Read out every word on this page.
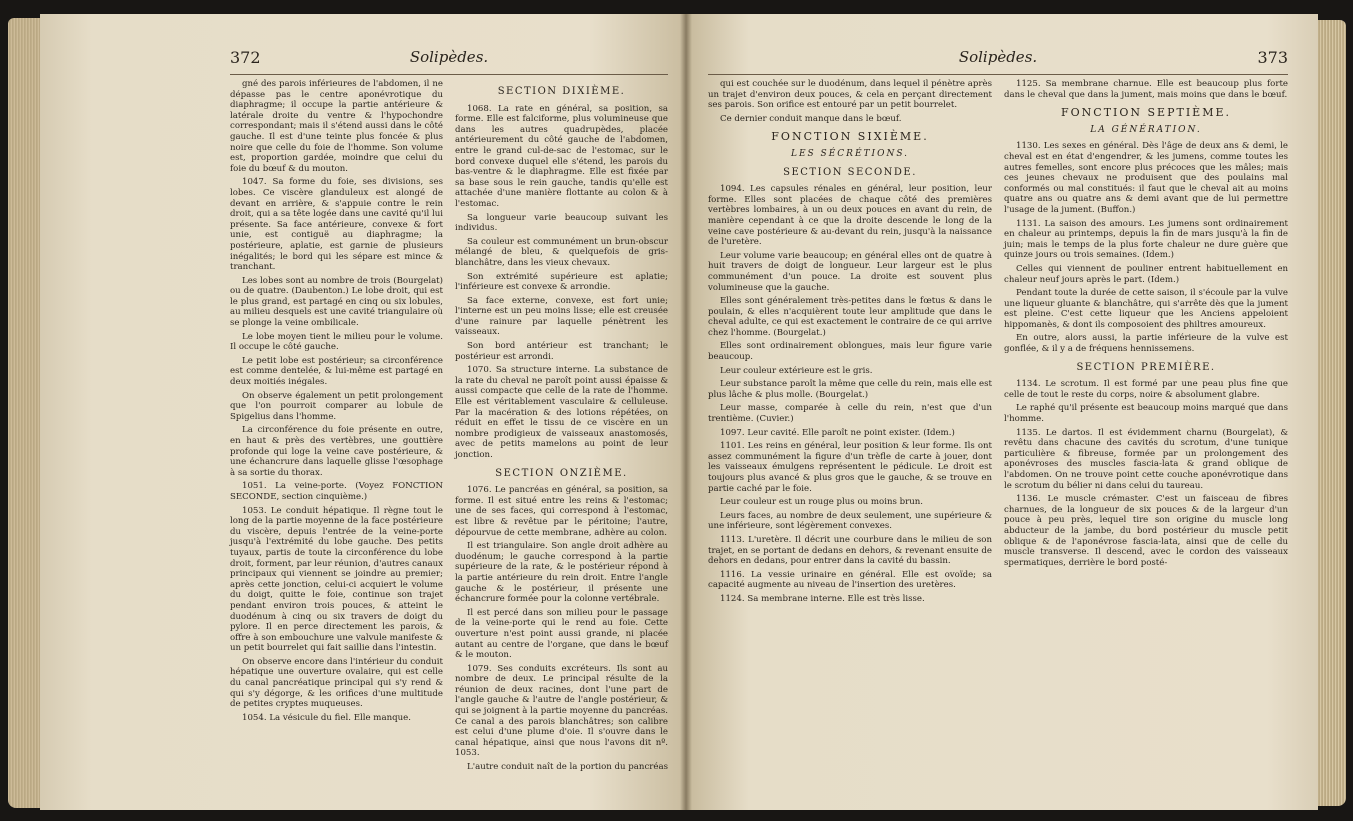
372	Solipèdes.

gné des parois inférieures de l'abdomen, il ne dépasse pas le centre aponévrotique du diaphragme; il occupe la partie antérieure & latérale droite du ventre & l'hypochondre correspondant; mais il s'étend aussi dans le côté gauche. Il est d'une teinte plus foncée & plus noire que celle du foie de l'homme. Son volume est, proportion gardée, moindre que celui du foie du bœuf & du mouton.

1047. Sa forme du foie, ses divisions, ses lobes. Ce viscère glanduleux est alongé de devant en arrière, & s'appuie contre le rein droit, qui a sa tête logée dans une cavité qu'il lui présente. Sa face antérieure, convexe & fort unie, est contiguë au diaphragme; la postérieure, aplatie, est garnie de plusieurs inégalités; le bord qui les sépare est mince & tranchant.

Les lobes sont au nombre de trois (Bourgelat) ou de quatre. (Daubenton.) Le lobe droit, qui est le plus grand, est partagé en cinq ou six lobules, au milieu desquels est une cavité triangulaire où se plonge la veine ombilicale.

Le lobe moyen tient le milieu pour le volume. Il occupe le côté gauche.

Le petit lobe est postérieur; sa circonférence est comme dentelée, & lui-même est partagé en deux moitiés inégales.

On observe également un petit prolongement que l'on pourroit comparer au lobule de Spigelius dans l'homme.

La circonférence du foie présente en outre, en haut & près des vertèbres, une gouttière profonde qui loge la veine cave postérieure, & une échancrure dans laquelle glisse l'œsophage à sa sortie du thorax.

1051. La veine-porte. (Voyez FONCTION SECONDE, section cinquième.)

1053. Le conduit hépatique. Il règne tout le long de la partie moyenne de la face postérieure du viscère, depuis l'entrée de la veine-porte jusqu'à l'extrémité du lobe gauche. Des petits tuyaux, partis de toute la circonférence du lobe droit, forment, par leur réunion, d'autres canaux principaux qui viennent se joindre au premier; après cette jonction, celui-ci acquiert le volume du doigt, quitte le foie, continue son trajet pendant environ trois pouces, & atteint le duodénum à cinq ou six travers de doigt du pylore. Il en perce directement les parois, & offre à son embouchure une valvule manifeste & un petit bourrelet qui fait saillie dans l'intestin.

On observe encore dans l'intérieur du conduit hépatique une ouverture ovalaire, qui est celle du canal pancréatique principal qui s'y rend & qui s'y dégorge, & les orifices d'une multitude de petites cryptes muqueuses.

1054. La vésicule du fiel. Elle manque.

SECTION DIXIÈME.

1068. La rate en général, sa position, sa forme. Elle est falciforme, plus volumineuse que dans les autres quadrupèdes, placée antérieurement du côté gauche de l'abdomen, entre le grand cul-de-sac de l'estomac, sur le bord convexe duquel elle s'étend, les parois du bas-ventre & le diaphragme. Elle est fixée par sa base sous le rein gauche, tandis qu'elle est attachée d'une manière flottante au colon & à l'estomac.

Sa longueur varie beaucoup suivant les individus.

Sa couleur est communément un brun-obscur mélangé de bleu, & quelquefois de gris-blanchâtre, dans les vieux chevaux.

Son extrémité supérieure est aplatie; l'inférieure est convexe & arrondie.

Sa face externe, convexe, est fort unie; l'interne est un peu moins lisse; elle est creusée d'une rainure par laquelle pénètrent les vaisseaux.

Son bord antérieur est tranchant; le postérieur est arrondi.

1070. Sa structure interne. La substance de la rate du cheval ne paroît point aussi épaisse & aussi compacte que celle de la rate de l'homme. Elle est véritablement vasculaire & celluleuse. Par la macération & des lotions répétées, on réduit en effet le tissu de ce viscère en un nombre prodigieux de vaisseaux anastomosés, avec de petits mamelons au point de leur jonction.

SECTION ONZIÈME.

1076. Le pancréas en général, sa position, sa forme. Il est situé entre les reins & l'estomac; une de ses faces, qui correspond à l'estomac, est libre & revêtue par le péritoine; l'autre, dépourvue de cette membrane, adhère au colon.

Il est triangulaire. Son angle droit adhère au duodénum; le gauche correspond à la partie supérieure de la rate, & le postérieur répond à la partie antérieure du rein droit. Entre l'angle gauche & le postérieur, il présente une échancrure formée pour la colonne vertébrale.

Il est percé dans son milieu pour le passage de la veine-porte qui le rend au foie. Cette ouverture n'est point aussi grande, ni placée autant au centre de l'organe, que dans le bœuf & le mouton.

1079. Ses conduits excréteurs. Ils sont au nombre de deux. Le principal résulte de la réunion de deux racines, dont l'une part de l'angle gauche & l'autre de l'angle postérieur, & qui se joignent à la partie moyenne du pancréas. Ce canal a des parois blanchâtres; son calibre est celui d'une plume d'oie. Il s'ouvre dans le canal hépatique, ainsi que nous l'avons dit nº. 1053.

L'autre conduit naît de la portion du pancréas

Solipèdes.	373

qui est couchée sur le duodénum, dans lequel il pénètre après un trajet d'environ deux pouces, & cela en perçant directement ses parois. Son orifice est entouré par un petit bourrelet.

Ce dernier conduit manque dans le bœuf.

FONCTION SIXIÈME.
LES SÉCRÉTIONS.
SECTION SECONDE.

1094. Les capsules rénales en général, leur position, leur forme. Elles sont placées de chaque côté des premières vertèbres lombaires, à un ou deux pouces en avant du rein, de manière cependant à ce que la droite descende le long de la veine cave postérieure & au-devant du rein, jusqu'à la naissance de l'uretère.

Leur volume varie beaucoup; en général elles ont de quatre à huit travers de doigt de longueur. Leur largeur est le plus communément d'un pouce. La droite est souvent plus volumineuse que la gauche.

Elles sont généralement très-petites dans le fœtus & dans le poulain, & elles n'acquièrent toute leur amplitude que dans le cheval adulte, ce qui est exactement le contraire de ce qui arrive chez l'homme. (Bourgelat.)

Elles sont ordinairement oblongues, mais leur figure varie beaucoup.

Leur couleur extérieure est le gris.

Leur substance paroît la même que celle du rein, mais elle est plus lâche & plus molle. (Bourgelat.)

Leur masse, comparée à celle du rein, n'est que d'un trentième. (Cuvier.)

1097. Leur cavité. Elle paroît ne point exister. (Idem.)

1101. Les reins en général, leur position & leur forme. Ils ont assez communément la figure d'un trèfle de carte à jouer, dont les vaisseaux émulgens représentent le pédicule. Le droit est toujours plus avancé & plus gros que le gauche, & se trouve en partie caché par le foie.

Leur couleur est un rouge plus ou moins brun.

Leurs faces, au nombre de deux seulement, une supérieure & une inférieure, sont légèrement convexes.

1113. L'uretère. Il décrit une courbure dans le milieu de son trajet, en se portant de dedans en dehors, & revenant ensuite de dehors en dedans, pour entrer dans la cavité du bassin.

1116. La vessie urinaire en général. Elle est ovoïde; sa capacité augmente au niveau de l'insertion des uretères.

1124. Sa membrane interne. Elle est très lisse.

1125. Sa membrane charnue. Elle est beaucoup plus forte dans le cheval que dans la jument, mais moins que dans le bœuf.

FONCTION SEPTIÈME.
LA GÉNÉRATION.

1130. Les sexes en général. Dès l'âge de deux ans & demi, le cheval est en état d'engendrer, & les jumens, comme toutes les autres femelles, sont encore plus précoces que les mâles; mais ces jeunes chevaux ne produisent que des poulains mal conformés ou mal constitués: il faut que le cheval ait au moins quatre ans ou quatre ans & demi avant que de lui permettre l'usage de la jument. (Buffon.)

1131. La saison des amours. Les jumens sont ordinairement en chaleur au printemps, depuis la fin de mars jusqu'à la fin de juin; mais le temps de la plus forte chaleur ne dure guère que quinze jours ou trois semaines. (Idem.)

Celles qui viennent de pouliner entrent habituellement en chaleur neuf jours après le part. (Idem.)

Pendant toute la durée de cette saison, il s'écoule par la vulve une liqueur gluante & blanchâtre, qui s'arrête dès que la jument est pleine. C'est cette liqueur que les Anciens appeloient hippomanès, & dont ils composoient des philtres amoureux.

En outre, alors aussi, la partie inférieure de la vulve est gonflée, & il y a de fréquens hennissemens.

SECTION PREMIÈRE.

1134. Le scrotum. Il est formé par une peau plus fine que celle de tout le reste du corps, noire & absolument glabre.

Le raphé qu'il présente est beaucoup moins marqué que dans l'homme.

1135. Le dartos. Il est évidemment charnu (Bourgelat), & revêtu dans chacune des cavités du scrotum, d'une tunique particulière & fibreuse, formée par un prolongement des aponévroses des muscles fascia-lata & grand oblique de l'abdomen. On ne trouve point cette couche aponévrotique dans le scrotum du bélier ni dans celui du taureau.

1136. Le muscle crémaster. C'est un faisceau de fibres charnues, de la longueur de six pouces & de la largeur d'un pouce à peu près, lequel tire son origine du muscle long abducteur de la jambe, du bord postérieur du muscle petit oblique & de l'aponévrose fascia-lata, ainsi que de celle du muscle transverse. Il descend, avec le cordon des vaisseaux spermatiques, derrière le bord posté-
